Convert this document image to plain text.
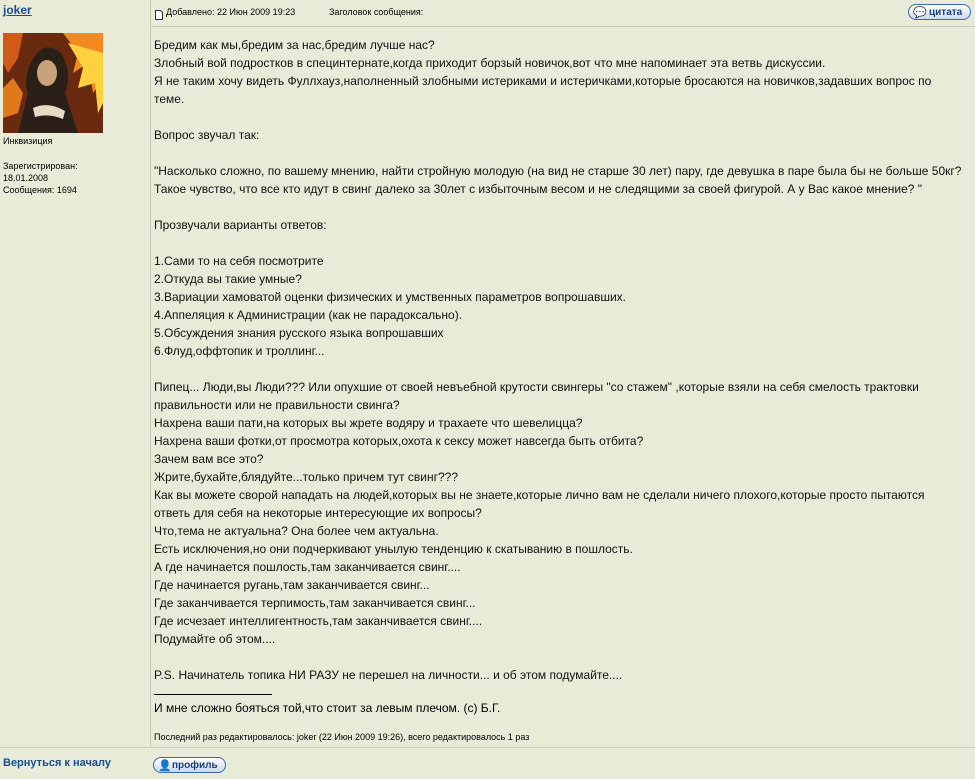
joker
Инквизиция
Зарегистрирован:
18.01.2008
Сообщения: 1694
Добавлено: 22 Июн 2009 19:23	Заголовок сообщения:	💬 цитата

Бредим как мы,бредим за нас,бредим лучше нас?

Злобный вой подростков в специнтернате,когда приходит борзый новичок,вот что мне напоминает эта ветвь дискуссии.

Я не таким хочу видеть Фуллхауз,наполненный злобными истериками и истеричками,которые бросаются на новичков,задавших вопрос по

теме.

Вопрос звучал так:

"Насколько сложно, по вашему мнению, найти стройную молодую (на вид не старше 30 лет) пару, где девушка в паре была бы не больше 50кг?

Такое чувство, что все кто идут в свинг далеко за 30лет с избыточным весом и не следящими за своей фигурой. А у Вас какое мнение? "

Прозвучали варианты ответов:

1.Сами то на себя посмотрите

2.Откуда вы такие умные?

3.Вариации хамоватой оценки физических и умственных параметров вопрошавших.

4.Аппеляция к Администрации (как не парадоксально).

5.Обсуждения знания русского языка вопрошавших

6.Флуд,оффтопик и троллинг...

Пипец... Люди,вы Люди??? Или опухшие от своей невъебной крутости свингеры "со стажем" ,которые взяли на себя смелость трактовки

правильности или не правильности свинга?

Нахрена ваши пати,на которых вы жрете водяру и трахаете что шевелицца?

Нахрена ваши фотки,от просмотра которых,охота к сексу может навсегда быть отбита?

Зачем вам все это?

Жрите,бухайте,блядуйте...только причем тут свинг???

Как вы можете сворой нападать на людей,которых вы не знаете,которые лично вам не сделали ничего плохого,которые просто пытаются

ответь для себя на некоторые интересующие их вопросы?

Что,тема не актуальна? Она более чем актуальна.

Есть исключения,но они подчеркивают унылую тенденцию к скатыванию в пошлость.

А где начинается пошлость,там заканчивается свинг....

Где начинается ругань,там заканчивается свинг...

Где заканчивается терпимость,там заканчивается свинг...

Где исчезает интеллигентность,там заканчивается свинг....

Подумайте об этом....

P.S. Начинатель топика НИ РАЗУ не перешел на личности... и об этом подумайте....

И мне сложно бояться той,что стоит за левым плечом. (с) Б.Г.
Последний раз редактировалось: joker (22 Июн 2009 19:26), всего редактировалось 1 раз
Вернуться к началу	👤 профиль
